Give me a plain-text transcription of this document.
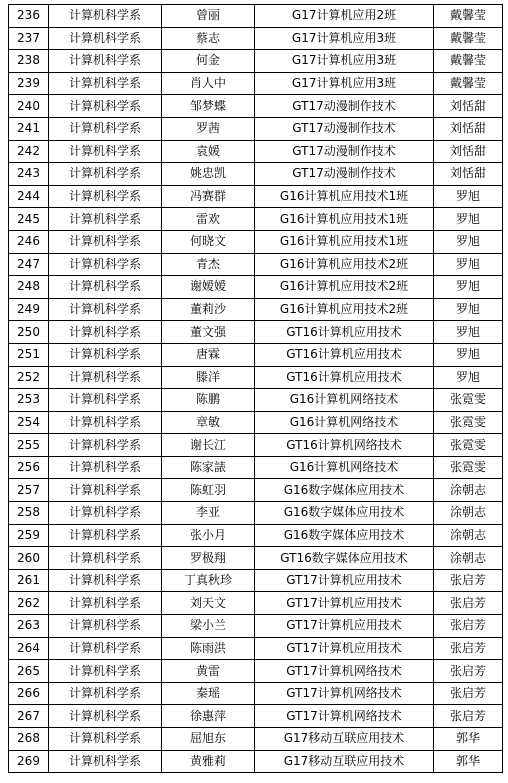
236	计算机科学系	曾丽	G17计算机应用2班	戴馨莹
237	计算机科学系	蔡志	G17计算机应用3班	戴馨莹
238	计算机科学系	何金	G17计算机应用3班	戴馨莹
239	计算机科学系	肖人中	G17计算机应用3班	戴馨莹
240	计算机科学系	邹梦蝶	GT17动漫制作技术	刘恬甜
241	计算机科学系	罗茜	GT17动漫制作技术	刘恬甜
242	计算机科学系	袁媛	GT17动漫制作技术	刘恬甜
243	计算机科学系	姚忠凯	GT17动漫制作技术	刘恬甜
244	计算机科学系	冯赛群	G16计算机应用技术1班	罗旭
245	计算机科学系	雷欢	G16计算机应用技术1班	罗旭
246	计算机科学系	何晓文	G16计算机应用技术1班	罗旭
247	计算机科学系	青杰	G16计算机应用技术2班	罗旭
248	计算机科学系	谢嫒嫒	G16计算机应用技术2班	罗旭
249	计算机科学系	董莉沙	G16计算机应用技术2班	罗旭
250	计算机科学系	董文强	GT16计算机应用技术	罗旭
251	计算机科学系	唐霖	GT16计算机应用技术	罗旭
252	计算机科学系	滕洋	GT16计算机应用技术	罗旭
253	计算机科学系	陈鹏	G16计算机网络技术	张霓雯
254	计算机科学系	章敏	G16计算机网络技术	张霓雯
255	计算机科学系	谢长江	GT16计算机网络技术	张霓雯
256	计算机科学系	陈家諘	G16计算机网络技术	张霓雯
257	计算机科学系	陈虹羽	G16数字媒体应用技术	涂朝志
258	计算机科学系	李亚	G16数字媒体应用技术	涂朝志
259	计算机科学系	张小月	G16数字媒体应用技术	涂朝志
260	计算机科学系	罗极翔	GT16数字媒体应用技术	涂朝志
261	计算机科学系	丁真秋珍	GT17计算机应用技术	张启芳
262	计算机科学系	刘天文	GT17计算机应用技术	张启芳
263	计算机科学系	梁小兰	GT17计算机应用技术	张启芳
264	计算机科学系	陈雨洪	GT17计算机应用技术	张启芳
265	计算机科学系	黄雷	GT17计算机网络技术	张启芳
266	计算机科学系	秦瑶	GT17计算机网络技术	张启芳
267	计算机科学系	徐惠萍	GT17计算机网络技术	张启芳
268	计算机科学系	屈旭东	G17移动互联应用技术	郭华
269	计算机科学系	黄雅莉	G17移动互联应用技术	郭华
